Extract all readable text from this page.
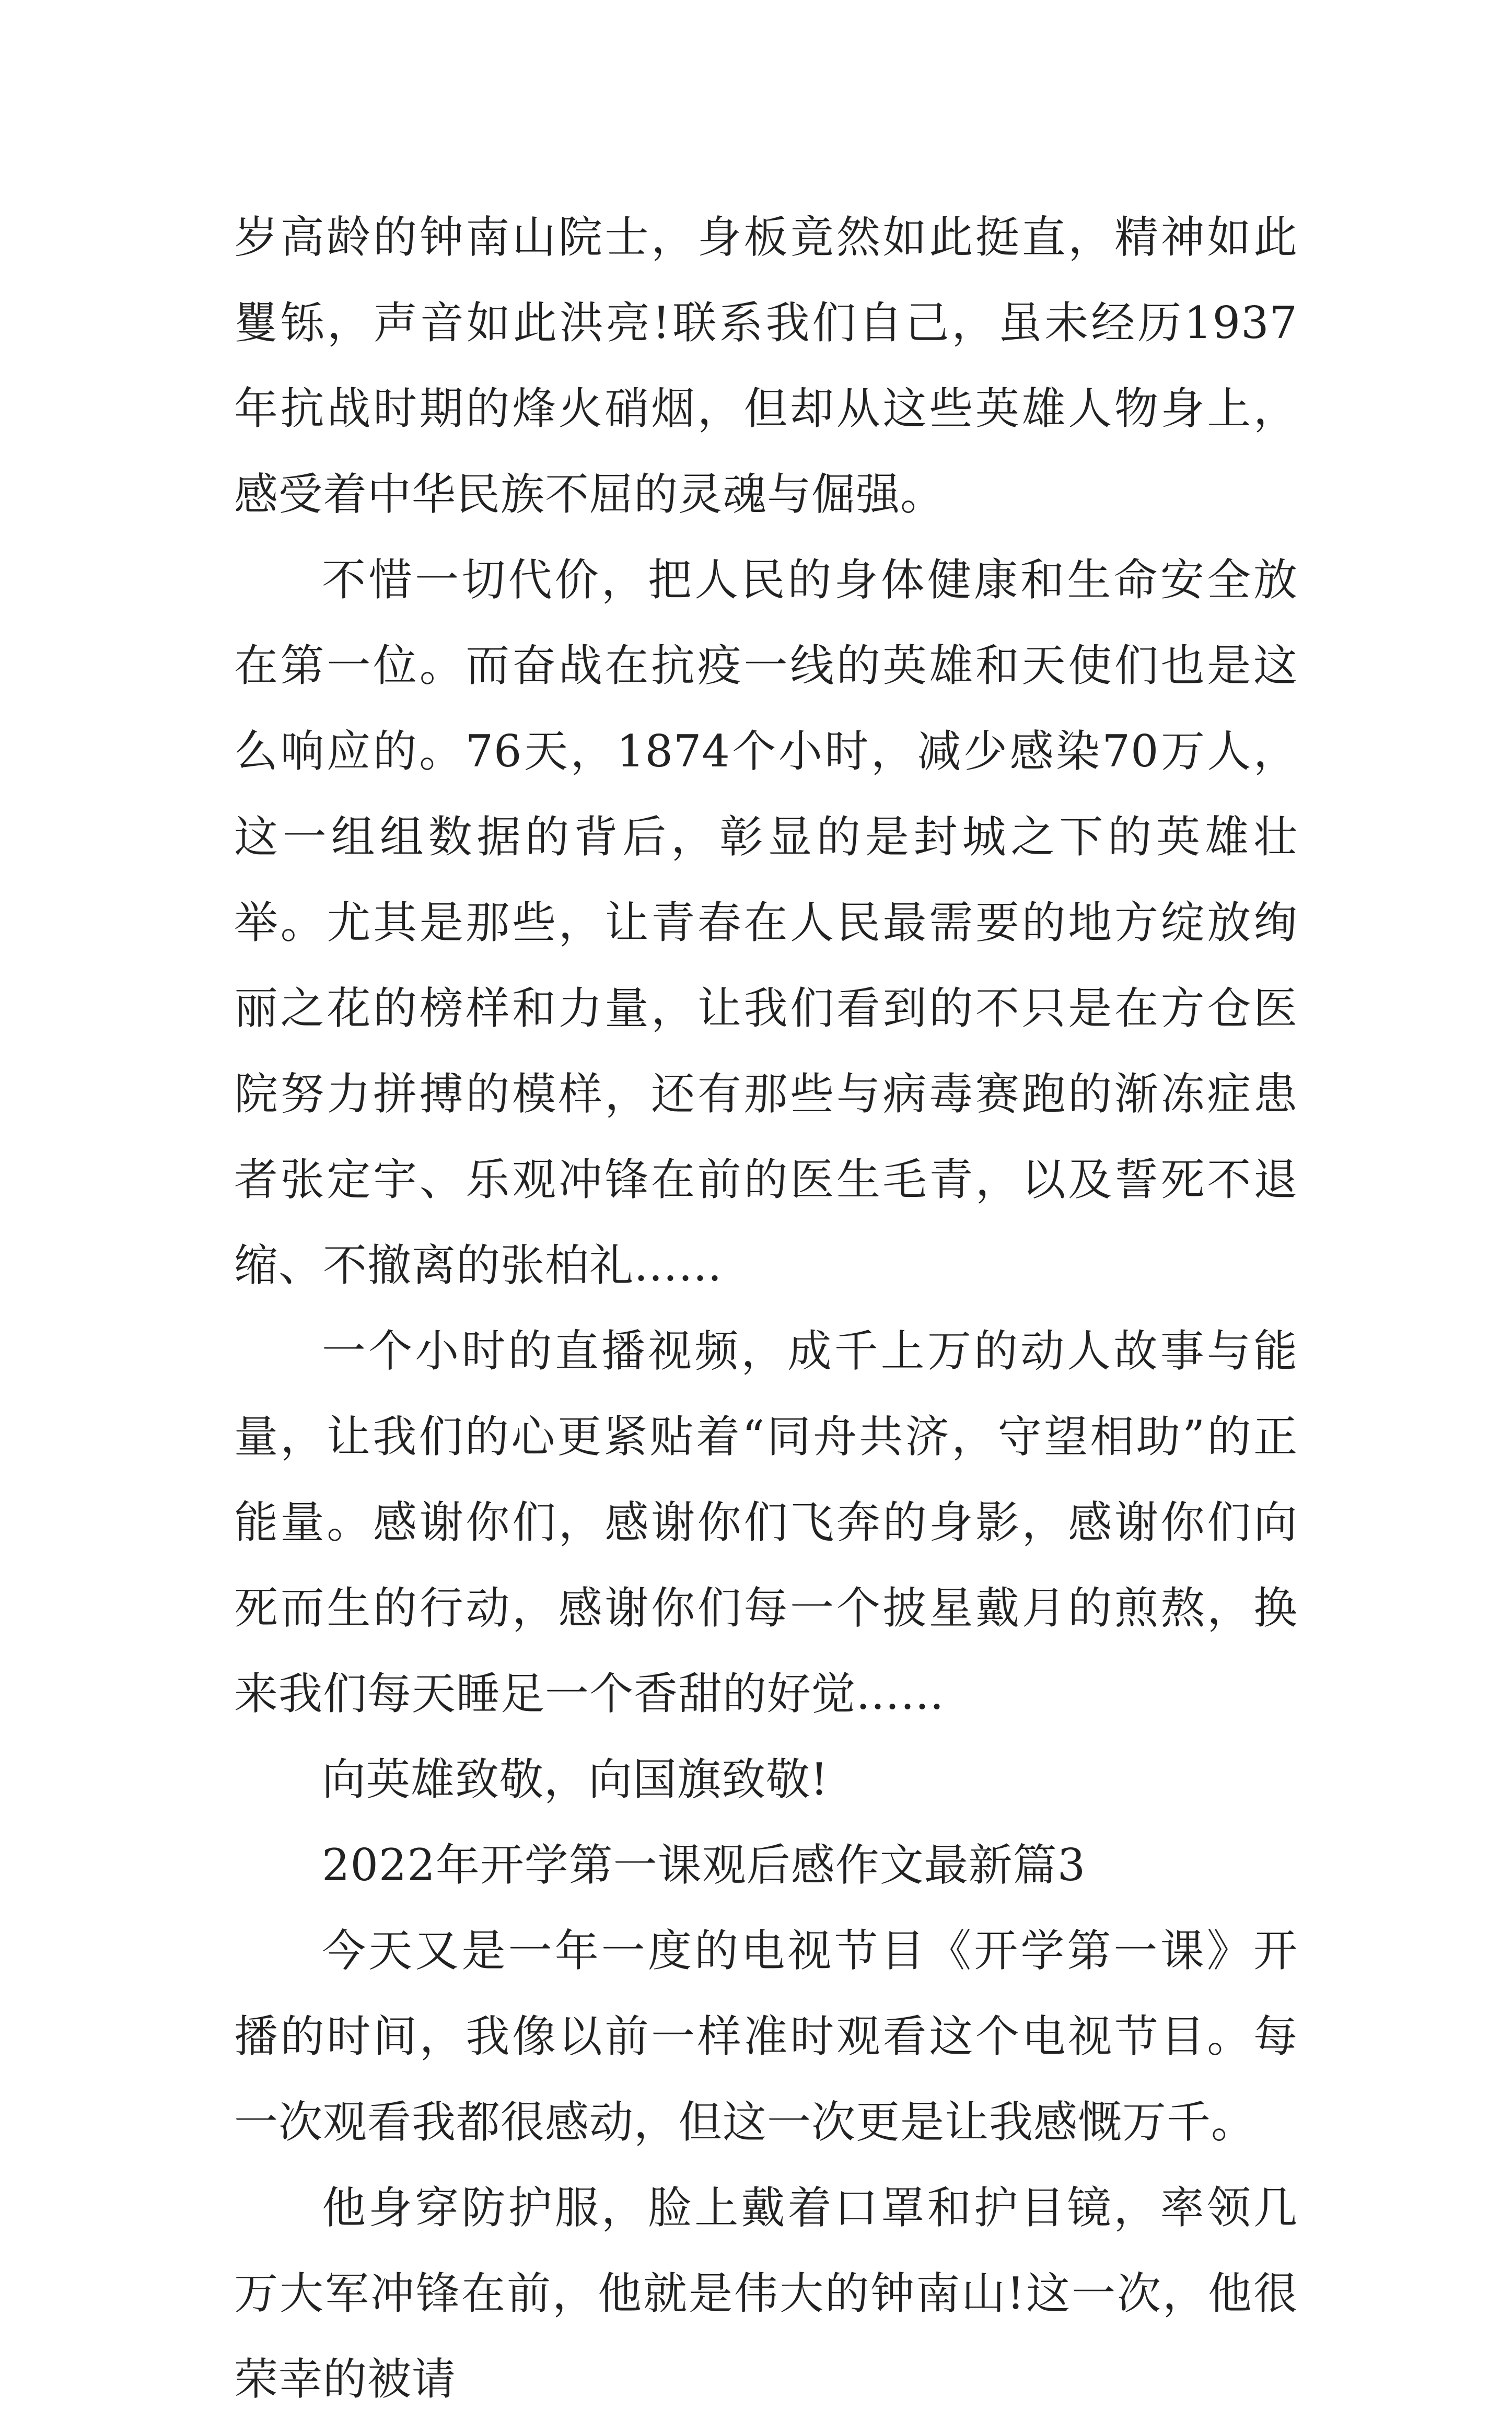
岁高龄的钟南山院士，身板竟然如此挺直，精神如此矍铄，声音如此洪亮!联系我们自己，虽未经历1937年抗战时期的烽火硝烟，但却从这些英雄人物身上，感受着中华民族不屈的灵魂与倔强。

不惜一切代价，把人民的身体健康和生命安全放在第一位。而奋战在抗疫一线的英雄和天使们也是这么响应的。76天，1874个小时，减少感染70万人，这一组组数据的背后，彰显的是封城之下的英雄壮举。尤其是那些，让青春在人民最需要的地方绽放绚丽之花的榜样和力量，让我们看到的不只是在方仓医院努力拼搏的模样，还有那些与病毒赛跑的渐冻症患者张定宇、乐观冲锋在前的医生毛青，以及誓死不退缩、不撤离的张柏礼……

一个小时的直播视频，成千上万的动人故事与能量，让我们的心更紧贴着“同舟共济，守望相助”的正能量。感谢你们，感谢你们飞奔的身影，感谢你们向死而生的行动，感谢你们每一个披星戴月的煎熬，换来我们每天睡足一个香甜的好觉……

向英雄致敬，向国旗致敬!

2022年开学第一课观后感作文最新篇3

今天又是一年一度的电视节目《开学第一课》开播的时间，我像以前一样准时观看这个电视节目。每一次观看我都很感动，但这一次更是让我感慨万千。

他身穿防护服，脸上戴着口罩和护目镜，率领几万大军冲锋在前，他就是伟大的钟南山!这一次，他很荣幸的被请
